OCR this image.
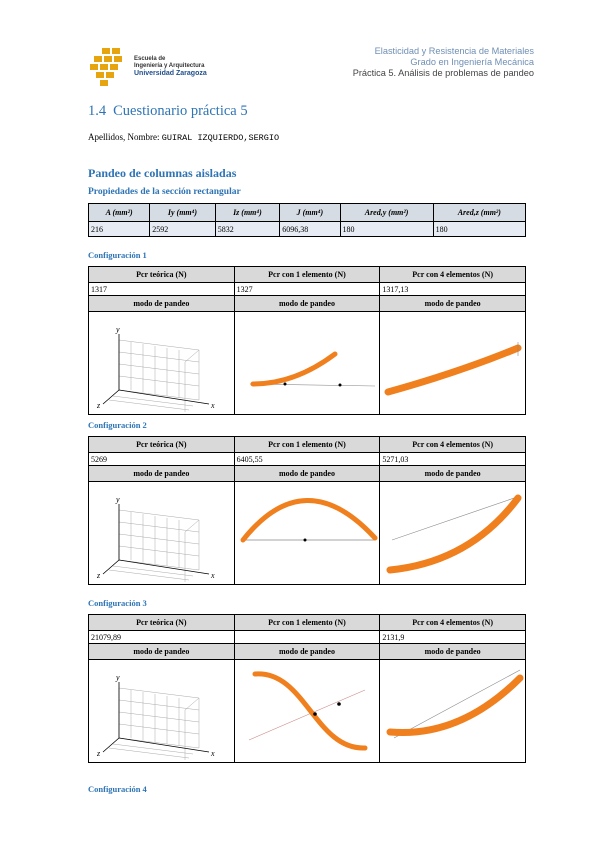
Escuela de
Ingeniería y Arquitectura
Universidad Zaragoza
Elasticidad y Resistencia de Materiales
Grado en Ingeniería Mecánica
Práctica 5. Análisis de problemas de pandeo
1.4 Cuestionario práctica 5
Apellidos, Nombre: GUIRAL IZQUIERDO,SERGIO
Pandeo de columnas aisladas
Propiedades de la sección rectangular
A (mm²)	Iy (mm⁴)	Iz (mm⁴)	J (mm⁴)	Ared,y (mm²)	Ared,z (mm²)
216	2592	5832	6096,38	180	180
Configuración 1
Pcr teórica (N)	Pcr con 1 elemento (N)	Pcr con 4 elementos (N)
1317	1327	1317,13
modo de pandeo	modo de pandeo	modo de pandeo

y
x
z

Configuración 2
Pcr teórica (N)	Pcr con 1 elemento (N)	Pcr con 4 elementos (N)
5269	6405,55	5271,03
modo de pandeo	modo de pandeo	modo de pandeo

y
x
z

Configuración 3
Pcr teórica (N)	Pcr con 1 elemento (N)	Pcr con 4 elementos (N)
21079,89		2131,9
modo de pandeo	modo de pandeo	modo de pandeo

y
x
z

Configuración 4
